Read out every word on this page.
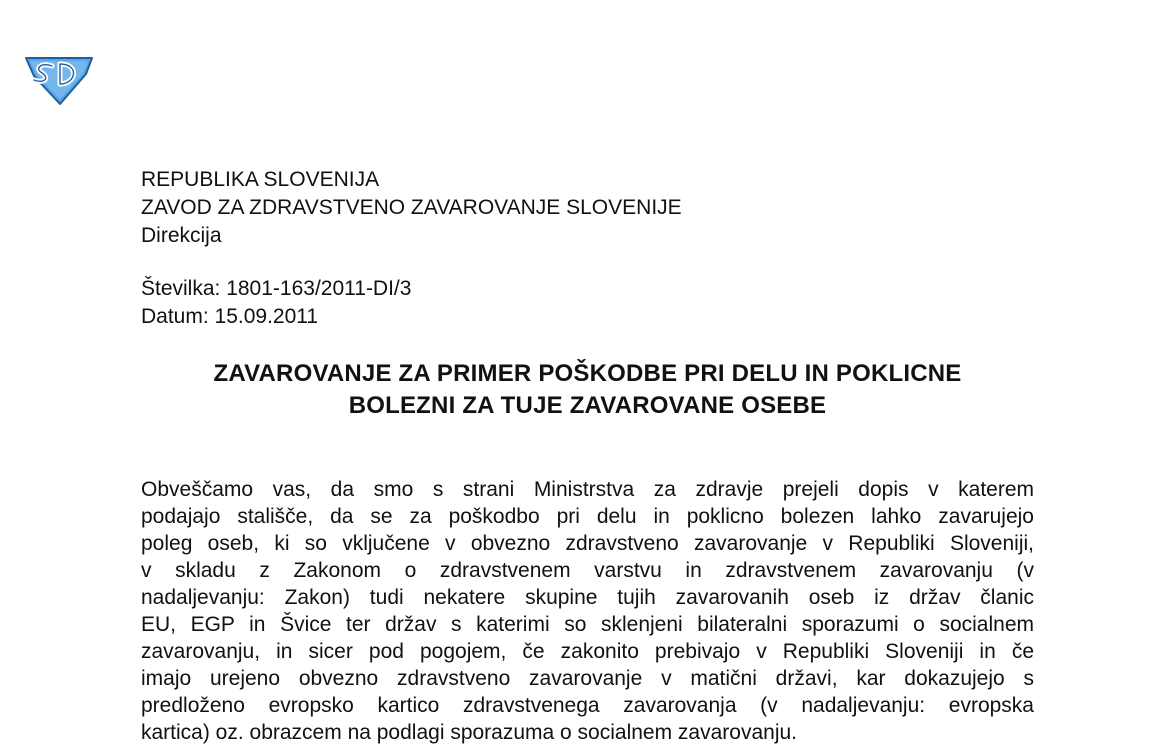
REPUBLIKA SLOVENIJA
ZAVOD ZA ZDRAVSTVENO ZAVAROVANJE SLOVENIJE
Direkcija
Številka: 1801-163/2011-DI/3
Datum: 15.09.2011
ZAVAROVANJE ZA PRIMER POŠKODBE PRI DELU IN POKLICNE
BOLEZNI ZA TUJE ZAVAROVANE OSEBE
Obveščamo vas, da smo s strani Ministrstva za zdravje prejeli dopis v katerem
podajajo stališče, da se za poškodbo pri delu in poklicno bolezen lahko zavarujejo
poleg oseb, ki so vključene v obvezno zdravstveno zavarovanje v Republiki Sloveniji,
v skladu z Zakonom o zdravstvenem varstvu in zdravstvenem zavarovanju (v
nadaljevanju: Zakon) tudi nekatere skupine tujih zavarovanih oseb iz držav članic
EU, EGP in Švice ter držav s katerimi so sklenjeni bilateralni sporazumi o socialnem
zavarovanju, in sicer pod pogojem, če zakonito prebivajo v Republiki Sloveniji in če
imajo urejeno obvezno zdravstveno zavarovanje v matični državi, kar dokazujejo s
predloženo evropsko kartico zdravstvenega zavarovanja (v nadaljevanju: evropska
kartica) oz. obrazcem na podlagi sporazuma o socialnem zavarovanju.
